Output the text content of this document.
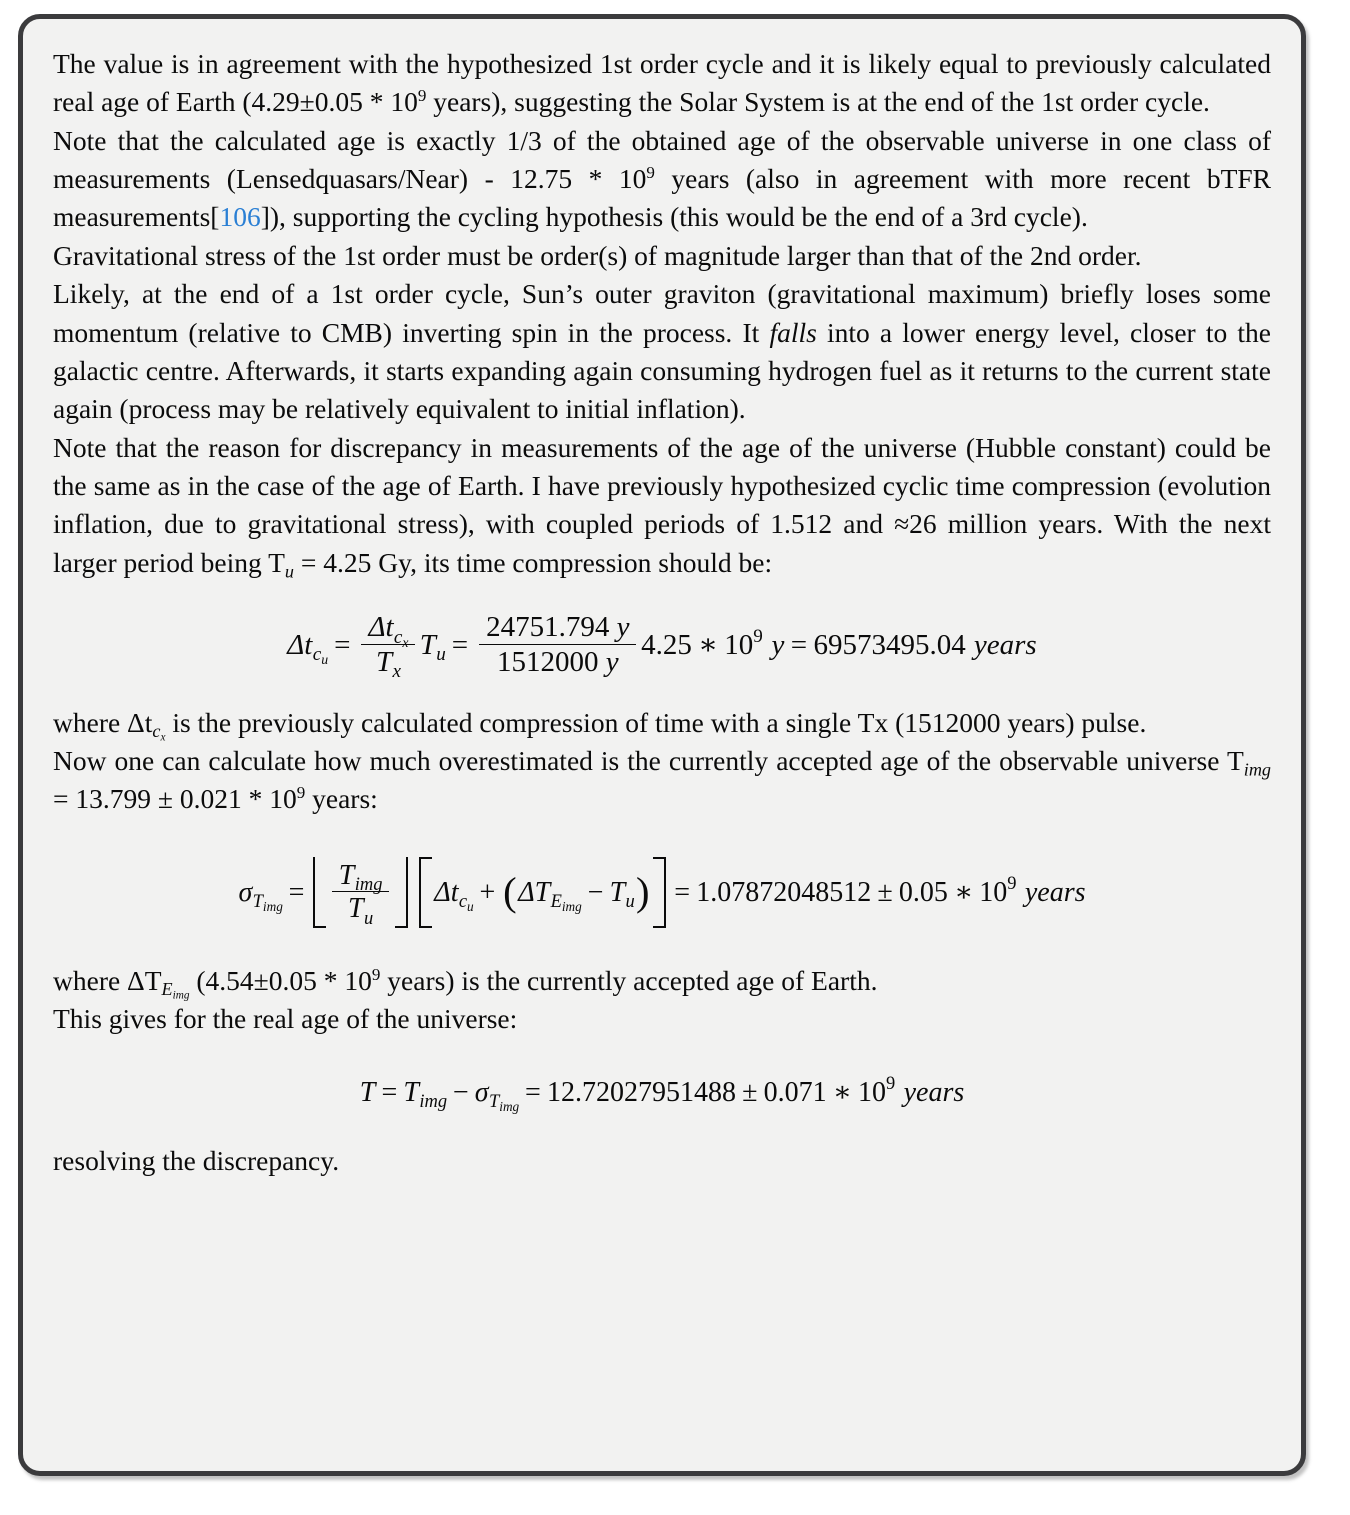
The value is in agreement with the hypothesized 1st order cycle and it is likely equal to previously calculated real age of Earth ($4.29\pm 0.05 * 10^9$ years), suggesting the Solar System is at the end of the 1st order cycle.

Note that the calculated age is exactly 1/3 of the obtained age of the observable universe in one class of measurements (Lensedquasars/Near) - $12.75 * 10^9$ years (also in agreement with more recent bTFR measurements[106]), supporting the cycling hypothesis (this would be the end of a 3rd cycle).

Gravitational stress of the 1st order must be order(s) of magnitude larger than that of the 2nd order.

Likely, at the end of a 1st order cycle, Sun’s outer graviton (gravitational maximum) briefly loses some momentum (relative to CMB) inverting spin in the process. It falls into a lower energy level, closer to the galactic centre. Afterwards, it starts expanding again consuming hydrogen fuel as it returns to the current state again (process may be relatively equivalent to initial inflation).

Note that the reason for discrepancy in measurements of the age of the universe (Hubble constant) could be the same as in the case of the age of Earth. I have previously hypothesized cyclic time compression (evolution inflation, due to gravitational stress), with coupled periods of 1.512 and ≈26 million years. With the next larger period being $T_u = 4.25$ Gy, its time compression should be:

$\Delta t_{c_u} = \frac{\Delta t_{c_x}}{T_x} T_u = \frac{24751.794 y}{1512000 y} 4.25$ ∗ $10^9$ y = 69573495.04 years

where $\Delta t_{c_x}$ is the previously calculated compression of time with a single Tx (1512000 years) pulse.

Now one can calculate how much overestimated is the currently accepted age of the observable universe $T_{img} = 13.799 \pm 0.021 * 10^9$ years:

$\sigma_{T_{img}} = \frac{T_{img}}{T_u} \Delta t_{c_u}$ + ( $\Delta T_{E_{img}} - T_u$ ) = 1.07872048512 ± 0.05 ∗ $10^9$ years

where $\Delta T_{E_{img}}$ ($4.54\pm 0.05 * 10^9$ years) is the currently accepted age of Earth.

This gives for the real age of the universe:

$T = T_{img} - \sigma_{T_{img}} = 12.72027951488 \pm 0.071$ ∗ $10^9$ years

resolving the discrepancy.
